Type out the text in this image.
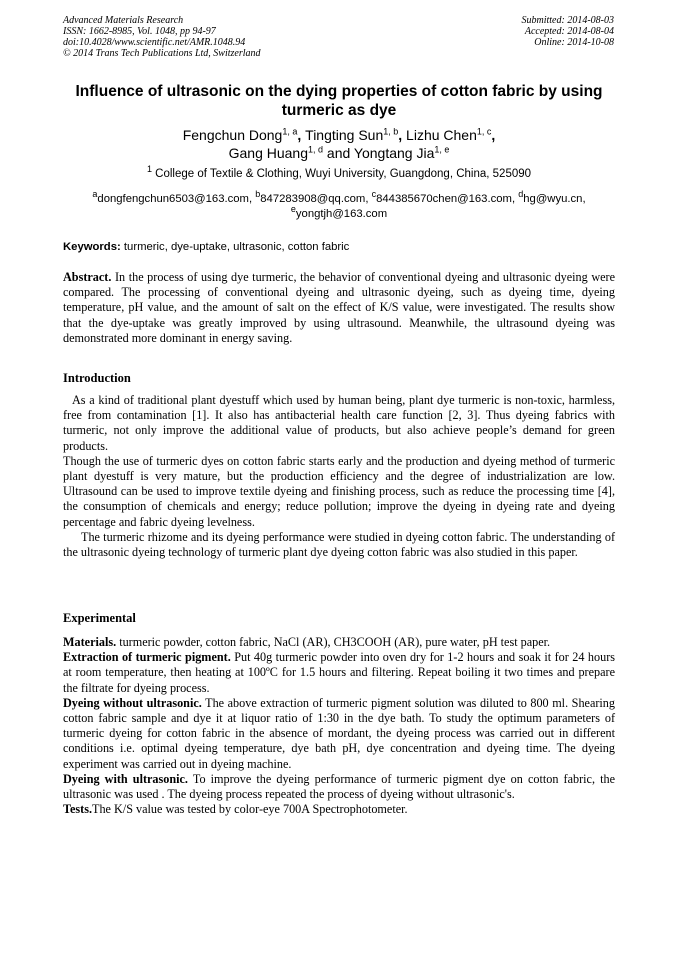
Advanced Materials Research
ISSN: 1662-8985, Vol. 1048, pp 94-97
doi:10.4028/www.scientific.net/AMR.1048.94
© 2014 Trans Tech Publications Ltd, Switzerland
Submitted: 2014-08-03
Accepted: 2014-08-04
Online: 2014-10-08
Influence of ultrasonic on the dying properties of cotton fabric by using turmeric as dye
Fengchun Dong$^{1, a}$, Tingting Sun$^{1, b}$, Lizhu Chen$^{1, c}$,
Gang Huang$^{1, d}$ and Yongtang Jia$^{1, e}$
$^1$ College of Textile & Clothing, Wuyi University, Guangdong, China, 525090
$^a$dongfengchun6503@163.com, $^b$847283908@qq.com, $^c$844385670chen@163.com, $^d$hg@wyu.cn,
$^e$yongtjh@163.com
Keywords: turmeric, dye-uptake, ultrasonic, cotton fabric

Abstract. In the process of using dye turmeric, the behavior of conventional dyeing and ultrasonic dyeing were compared. The processing of conventional dyeing and ultrasonic dyeing, such as dyeing time, dyeing temperature, pH value, and the amount of salt on the effect of K/S value, were investigated. The results show that the dye-uptake was greatly improved by using ultrasound. Meanwhile, the ultrasound dyeing was demonstrated more dominant in energy saving.

Introduction

As a kind of traditional plant dyestuff which used by human being, plant dye turmeric is non-toxic, harmless, free from contamination [1]. It also has antibacterial health care function [2, 3]. Thus dyeing fabrics with turmeric, not only improve the additional value of products, but also achieve people’s demand for green products.

Though the use of turmeric dyes on cotton fabric starts early and the production and dyeing method of turmeric plant dyestuff is very mature, but the production efficiency and the degree of industrialization are low. Ultrasound can be used to improve textile dyeing and finishing process, such as reduce the processing time [4], the consumption of chemicals and energy; reduce pollution; improve the dyeing in dyeing rate and dyeing percentage and fabric dyeing levelness.

The turmeric rhizome and its dyeing performance were studied in dyeing cotton fabric. The understanding of the ultrasonic dyeing technology of turmeric plant dye dyeing cotton fabric was also studied in this paper.

Experimental

Materials. turmeric powder, cotton fabric, NaCl (AR), CH3COOH (AR), pure water, pH test paper.

Extraction of turmeric pigment. Put 40g turmeric powder into oven dry for 1-2 hours and soak it for 24 hours at room temperature, then heating at 100ºC for 1.5 hours and filtering. Repeat boiling it two times and prepare the filtrate for dyeing process.

Dyeing without ultrasonic. The above extraction of turmeric pigment solution was diluted to 800 ml. Shearing cotton fabric sample and dye it at liquor ratio of 1:30 in the dye bath. To study the optimum parameters of turmeric dyeing for cotton fabric in the absence of mordant, the dyeing process was carried out in different conditions i.e. optimal dyeing temperature, dye bath pH, dye concentration and dyeing time. The dyeing experiment was carried out in dyeing machine.

Dyeing with ultrasonic. To improve the dyeing performance of turmeric pigment dye on cotton fabric, the ultrasonic was used . The dyeing process repeated the process of dyeing without ultrasonic's.

Tests.The K/S value was tested by color-eye 700A Spectrophotometer.
